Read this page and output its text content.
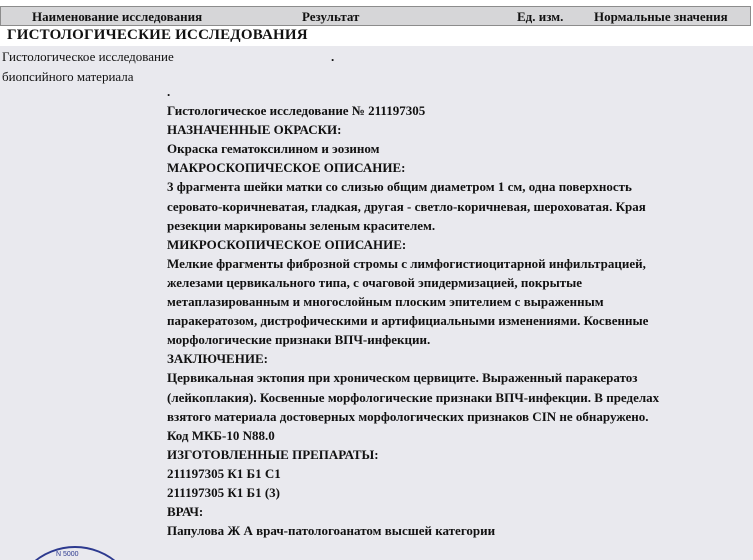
Наименование исследования	Результат	Ед. изм. Нормальные значения
ГИСТОЛОГИЧЕСКИЕ ИССЛЕДОВАНИЯ
Гистологическое исследование
биопсийного материала
.
.
Гистологическое исследование № 211197305
НАЗНАЧЕННЫЕ ОКРАСКИ:
Окраска гематоксилином и эозином
МАКРОСКОПИЧЕСКОЕ ОПИСАНИЕ:
3 фрагмента шейки матки со слизью общим диаметром 1 см, одна поверхность
серовато-коричневатая, гладкая, другая - светло-коричневая, шероховатая. Края
резекции маркированы зеленым красителем.
МИКРОСКОПИЧЕСКОЕ ОПИСАНИЕ:
Мелкие фрагменты фиброзной стромы с лимфогистиоцитарной инфильтрацией,
железами цервикального типа, с очаговой эпидермизацией, покрытые
метаплазированным и многослойным плоским эпителием с выраженным
паракератозом, дистрофическими и артифициальными изменениями. Косвенные
морфологические признаки ВПЧ-инфекции.
ЗАКЛЮЧЕНИЕ:
Цервикальная эктопия при хроническом цервиците. Выраженный паракератоз
(лейкоплакия). Косвенные морфологические признаки ВПЧ-инфекции. В пределах
взятого материала достоверных морфологических признаков CIN не обнаружено.
Код МКБ-10 N88.0
ИЗГОТОВЛЕННЫЕ ПРЕПАРАТЫ:
211197305 К1 Б1 С1
211197305 К1 Б1 (3)
ВРАЧ:
Папулова Ж А врач-патологоанатом высшей категории
N 5000
